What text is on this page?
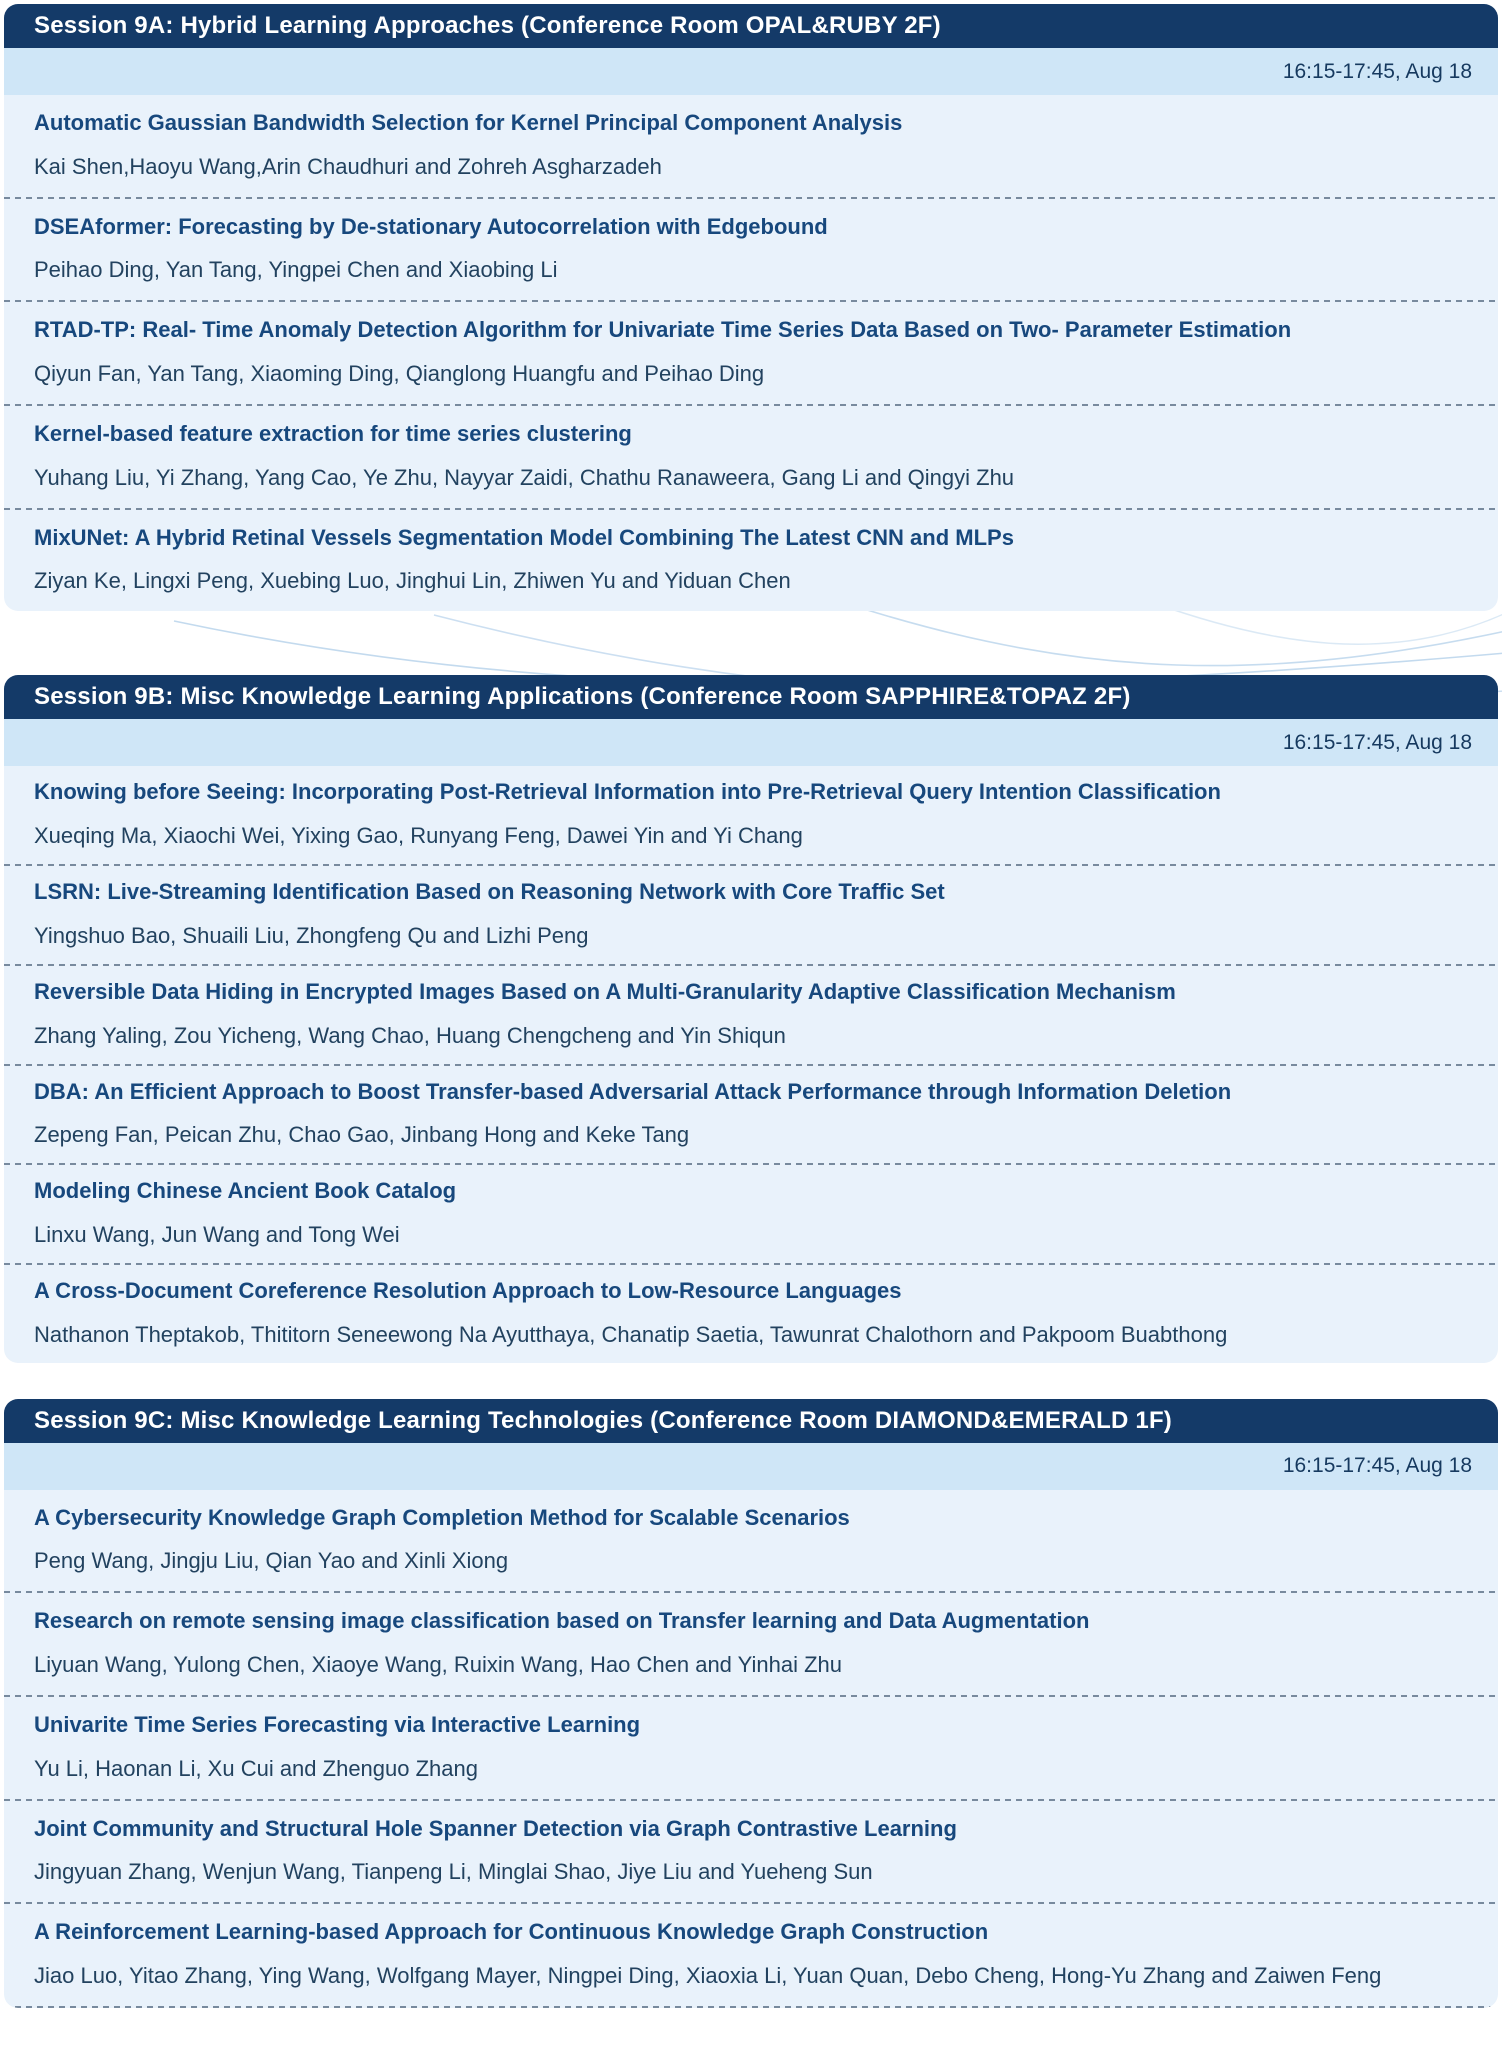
Session 9A: Hybrid Learning Approaches (Conference Room OPAL&RUBY 2F)
16:15-17:45, Aug 18

Automatic Gaussian Bandwidth Selection for Kernel Principal Component Analysis

Kai Shen,Haoyu Wang,Arin Chaudhuri and Zohreh Asgharzadeh

DSEAformer: Forecasting by De-stationary Autocorrelation with Edgebound

Peihao Ding, Yan Tang, Yingpei Chen and Xiaobing Li

RTAD-TP: Real- Time Anomaly Detection Algorithm for Univariate Time Series Data Based on Two- Parameter Estimation

Qiyun Fan, Yan Tang, Xiaoming Ding, Qianglong Huangfu and Peihao Ding

Kernel-based feature extraction for time series clustering

Yuhang Liu, Yi Zhang, Yang Cao, Ye Zhu, Nayyar Zaidi, Chathu Ranaweera, Gang Li and Qingyi Zhu

MixUNet: A Hybrid Retinal Vessels Segmentation Model Combining The Latest CNN and MLPs

Ziyan Ke, Lingxi Peng, Xuebing Luo, Jinghui Lin, Zhiwen Yu and Yiduan Chen

Session 9B: Misc Knowledge Learning Applications (Conference Room SAPPHIRE&TOPAZ 2F)
16:15-17:45, Aug 18

Knowing before Seeing: Incorporating Post-Retrieval Information into Pre-Retrieval Query Intention Classification

Xueqing Ma, Xiaochi Wei, Yixing Gao, Runyang Feng, Dawei Yin and Yi Chang

LSRN: Live-Streaming Identification Based on Reasoning Network with Core Traffic Set

Yingshuo Bao, Shuaili Liu, Zhongfeng Qu and Lizhi Peng

Reversible Data Hiding in Encrypted Images Based on A Multi-Granularity Adaptive Classification Mechanism

Zhang Yaling, Zou Yicheng, Wang Chao, Huang Chengcheng and Yin Shiqun

DBA: An Efficient Approach to Boost Transfer-based Adversarial Attack Performance through Information Deletion

Zepeng Fan, Peican Zhu, Chao Gao, Jinbang Hong and Keke Tang

Modeling Chinese Ancient Book Catalog

Linxu Wang, Jun Wang and Tong Wei

A Cross-Document Coreference Resolution Approach to Low-Resource Languages

Nathanon Theptakob, Thititorn Seneewong Na Ayutthaya, Chanatip Saetia, Tawunrat Chalothorn and Pakpoom Buabthong

Session 9C: Misc Knowledge Learning Technologies (Conference Room DIAMOND&EMERALD 1F)
16:15-17:45, Aug 18

A Cybersecurity Knowledge Graph Completion Method for Scalable Scenarios

Peng Wang, Jingju Liu, Qian Yao and Xinli Xiong

Research on remote sensing image classification based on Transfer learning and Data Augmentation

Liyuan Wang, Yulong Chen, Xiaoye Wang, Ruixin Wang, Hao Chen and Yinhai Zhu

Univarite Time Series Forecasting via Interactive Learning

Yu Li, Haonan Li, Xu Cui and Zhenguo Zhang

Joint Community and Structural Hole Spanner Detection via Graph Contrastive Learning

Jingyuan Zhang, Wenjun Wang, Tianpeng Li, Minglai Shao, Jiye Liu and Yueheng Sun

A Reinforcement Learning-based Approach for Continuous Knowledge Graph Construction

Jiao Luo, Yitao Zhang, Ying Wang, Wolfgang Mayer, Ningpei Ding, Xiaoxia Li, Yuan Quan, Debo Cheng, Hong-Yu Zhang and Zaiwen Feng
